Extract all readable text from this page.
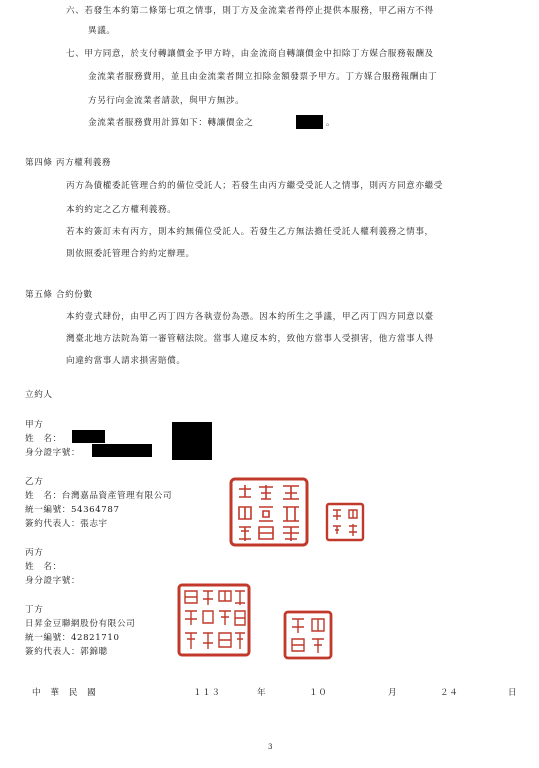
六、若發生本約第二條第七項之情事，則丁方及金流業者得停止提供本服務，甲乙兩方不得
異議。
七、甲方同意，於支付轉讓價金予甲方時，由金流商自轉讓價金中扣除丁方媒合服務報酬及
金流業者服務費用，並且由金流業者開立扣除金額發票予甲方。丁方媒合服務報酬由丁
方另行向金流業者請款，與甲方無涉。
金流業者服務費用計算如下：轉讓價金之	。
第四條 丙方權利義務
丙方為債權委託管理合約的備位受託人；若發生由丙方繼受受託人之情事，則丙方同意亦繼受
本約約定之乙方權利義務。
若本約簽訂未有丙方，則本約無備位受託人。若發生乙方無法擔任受託人權利義務之情事，
則依照委託管理合約約定辦理。
第五條 合約份數
本約壹式肆份，由甲乙丙丁四方各執壹份為憑。因本約所生之爭議，甲乙丙丁四方同意以臺
灣臺北地方法院為第一審管轄法院。當事人違反本約，致他方當事人受損害，他方當事人得
向違約當事人請求損害賠償。
立約人
甲方
姓　名：
身分證字號：
乙方
姓　名：台灣嘉品資產管理有限公司
統一編號：54364787
簽約代表人：張志宇
丙方
姓　名：
身分證字號：
丁方
日昇金豆聯網股份有限公司
統一編號：42821710
簽約代表人：郭錦聰
中　華　民　國	１１３	年	１０	月	２４	日
3
